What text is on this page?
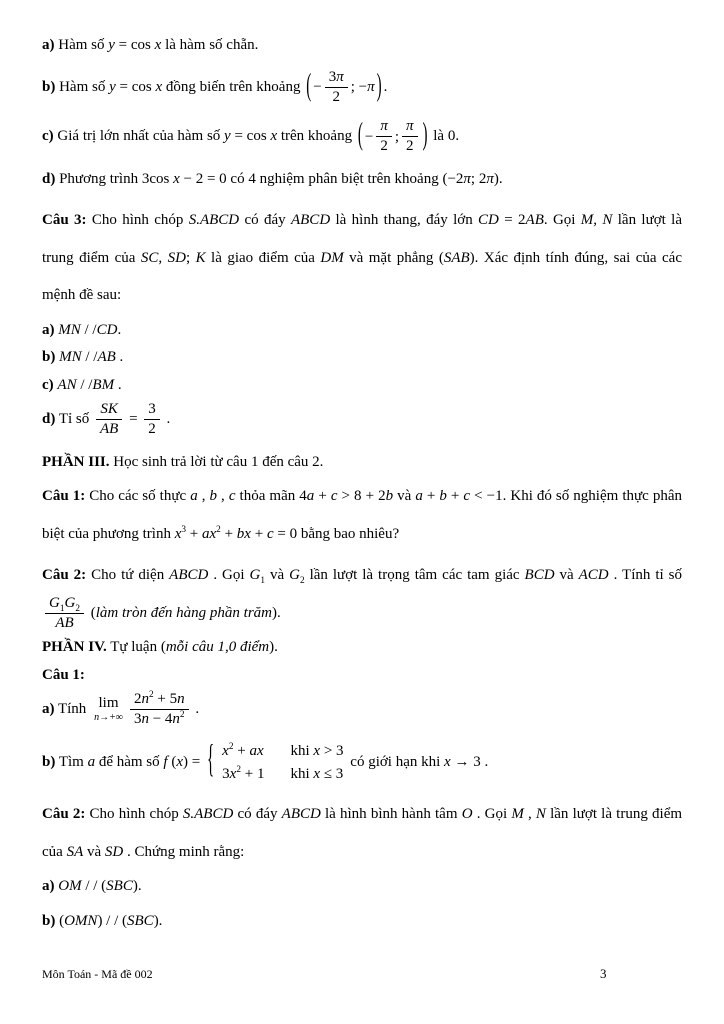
a) Hàm số y = cos x là hàm số chẵn.
b) Hàm số y = cos x đồng biến trên khoảng ( − $\frac{3\pi}{2}$ ; − π ) .
c) Giá trị lớn nhất của hàm số y = cos x trên khoảng ( − $\frac{\pi}{2}$ ; $\frac{\pi}{2}$ ) là 0.
d) Phương trình 3cos x − 2 = 0 có 4 nghiệm phân biệt trên khoảng (−2π; 2π).
Câu 3: Cho hình chóp S.ABCD có đáy ABCD là hình thang, đáy lớn CD = 2AB. Gọi M, N lần lượt là trung điểm của SC, SD; K là giao điểm của DM và mặt phẳng (SAB). Xác định tính đúng, sai của các mệnh đề sau:
a) MN / /CD.
b) MN / /AB .
c) AN / /BM .
d) Tỉ số $\frac{SK}{AB} = \frac{3}{2}$ .
PHẦN III. Học sinh trả lời từ câu 1 đến câu 2.
Câu 1: Cho các số thực a , b , c thỏa mãn 4a + c > 8 + 2b và a + b + c < −1. Khi đó số nghiệm thực phân biệt của phương trình $x^3 + ax^2$ + bx + c = 0 bằng bao nhiêu?
Câu 2: Cho tứ diện ABCD . Gọi $G_1$ và $G_2$ lần lượt là trọng tâm các tam giác BCD và ACD . Tính tỉ số
$\frac{G_1G_2}{AB}$ (làm tròn đến hàng phần trăm).
PHẦN IV. Tự luận (mỗi câu 1,0 điểm).
Câu 1:
a) Tính lim
$n\to+\infty \frac{2n^2 + 5n}{3n - 4n^2}$ .
b) Tìm a để hàm số f (x) = { $x^2$ + ax khi x > 3
$3x^2 + 1$ khi x ≤ 3
có giới hạn khi x → 3 .
Câu 2: Cho hình chóp S.ABCD có đáy ABCD là hình bình hành tâm O . Gọi M , N lần lượt là trung điểm của SA và SD . Chứng minh rằng:
a) OM / / (SBC).
b) (OMN) / / (SBC).
Môn Toán - Mã đề 002	3
